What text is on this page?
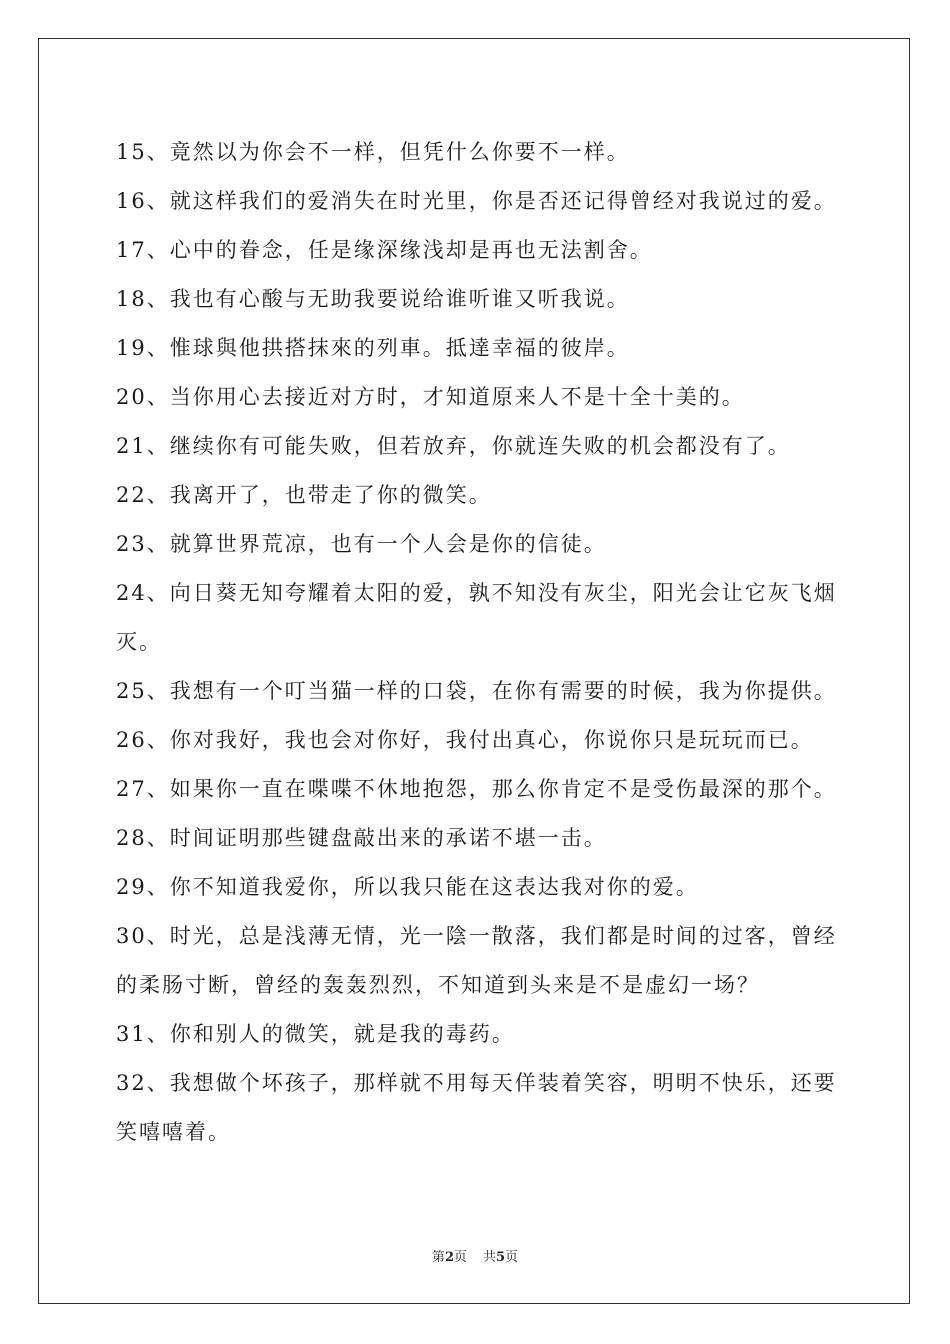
15、竟然以为你会不一样，但凭什么你要不一样。
16、就这样我们的爱消失在时光里，你是否还记得曾经对我说过的爱。
17、心中的眷念，任是缘深缘浅却是再也无法割舍。
18、我也有心酸与无助我要说给谁听谁又听我说。
19、惟球與他拱搭抹來的列車。抵達幸福的彼岸。
20、当你用心去接近对方时，才知道原来人不是十全十美的。
21、继续你有可能失败，但若放弃，你就连失败的机会都没有了。
22、我离开了，也带走了你的微笑。
23、就算世界荒凉，也有一个人会是你的信徒。
24、向日葵无知夸耀着太阳的爱，孰不知没有灰尘，阳光会让它灰飞烟灭。
25、我想有一个叮当猫一样的口袋，在你有需要的时候，我为你提供。
26、你对我好，我也会对你好，我付出真心，你说你只是玩玩而已。
27、如果你一直在喋喋不休地抱怨，那么你肯定不是受伤最深的那个。
28、时间证明那些键盘敲出来的承诺不堪一击。
29、你不知道我爱你，所以我只能在这表达我对你的爱。
30、时光，总是浅薄无情，光一陰一散落，我们都是时间的过客，曾经的柔肠寸断，曾经的轰轰烈烈，不知道到头来是不是虚幻一场？
31、你和别人的微笑，就是我的毒药。
32、我想做个坏孩子，那样就不用每天佯装着笑容，明明不快乐，还要笑嘻嘻着。
第2页 共5页
